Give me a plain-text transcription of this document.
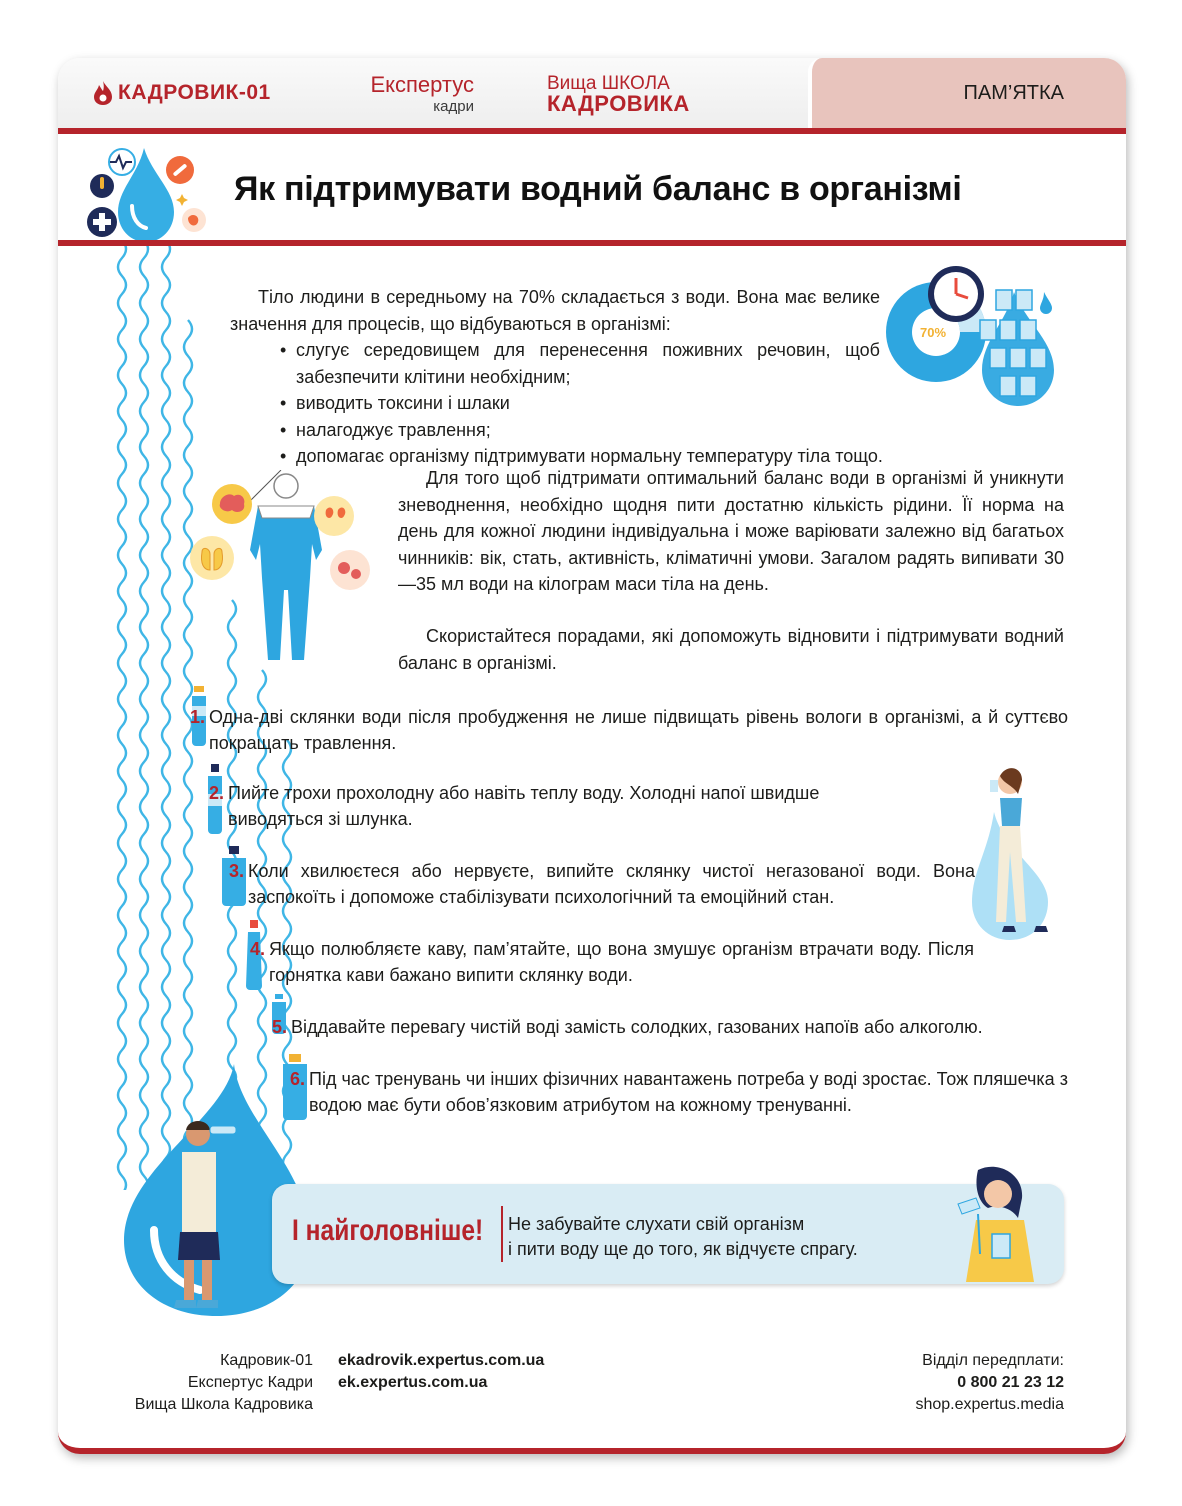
КАДРОВИК-01	Експертус
кадри
Вища ШКОЛА
КАДРОВИКА	ПАМ’ЯТКА
Як підтримувати водний баланс в організмі
Тіло людини в середньому на 70% складається з води. Вона має велике значення для процесів, що відбуваються в організмі:
• слугує середовищем для перенесення поживних речовин, щоб забезпечити клітини необхідним;
• виводить токсини і шлаки
• налагоджує травлення;
• допомагає організму підтримувати нормальну температуру тіла тощо.
70%
Для того щоб підтримати оптимальний баланс води в організмі й уникнути зневоднення, необхідно щодня пити достатню кількість рідини. Її норма на день для кожної людини індивідуальна і може варіювати залежно від багатьох чинників: вік, стать, активність, кліматичні умови. Загалом радять випивати 30—35 мл води на кілограм маси тіла на день.
Скористайтеся порадами, які допоможуть відновити і підтримувати водний баланс в організмі.
1. Одна-дві склянки води після пробудження не лише підвищать рівень вологи в організмі, а й суттєво покращать травлення.
2. Пийте трохи прохолодну або навіть теплу воду. Холодні напої швидше виводяться зі шлунка.
3. Коли хвилюєтеся або нервуєте, випийте склянку чистої негазованої води. Вона заспокоїть і допоможе стабілізувати психологічний та емоційний стан.
4. Якщо полюбляєте каву, пам’ятайте, що вона змушує організм втрачати воду. Після горнятка кави бажано випити склянку води.
5. Віддавайте перевагу чистій воді замість солодких, газованих напоїв або алкоголю.
6. Під час тренувань чи інших фізичних навантажень потреба у воді зростає. Тож пляшечка з водою має бути обов’язковим атрибутом на кожному тренуванні.
І найголовніше! Не забувайте слухати свій організм
і пити воду ще до того, як відчуєте спрагу.
Кадровик-01
Експертус Кадри
Вища Школа Кадровика
ekadrovik.expertus.com.ua
ek.expertus.com.ua
Відділ передплати:
0 800 21 23 12
shop.expertus.media
